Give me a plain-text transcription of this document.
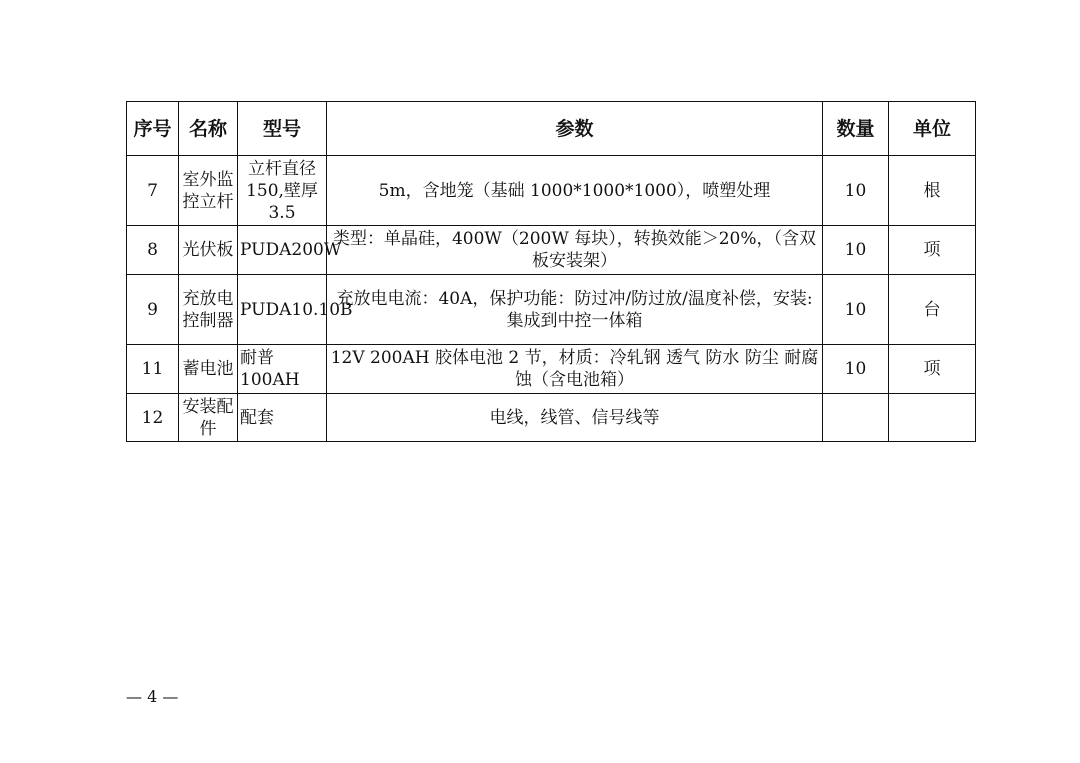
序号	名称	型号	参数	数量	单位
7	室外监控立杆	立杆直径150,壁厚3.5	5m，含地笼（基础 1000*1000*1000），喷塑处理	10	根
8	光伏板	PUDA200W	类型：单晶硅，400W（200W 每块），转换效能＞20%，（含双板安装架）	10	项
9	充放电控制器	PUDA10.10B	充放电电流：40A，保护功能：防过冲/防过放/温度补偿，安装:集成到中控一体箱	10	台
11	蓄电池	耐普100AH	12V 200AH 胶体电池 2 节，材质：冷轧钢 透气 防水 防尘 耐腐蚀（含电池箱）	10	项
12	安装配件	配套	电线，线管、信号线等		
— 4 —
